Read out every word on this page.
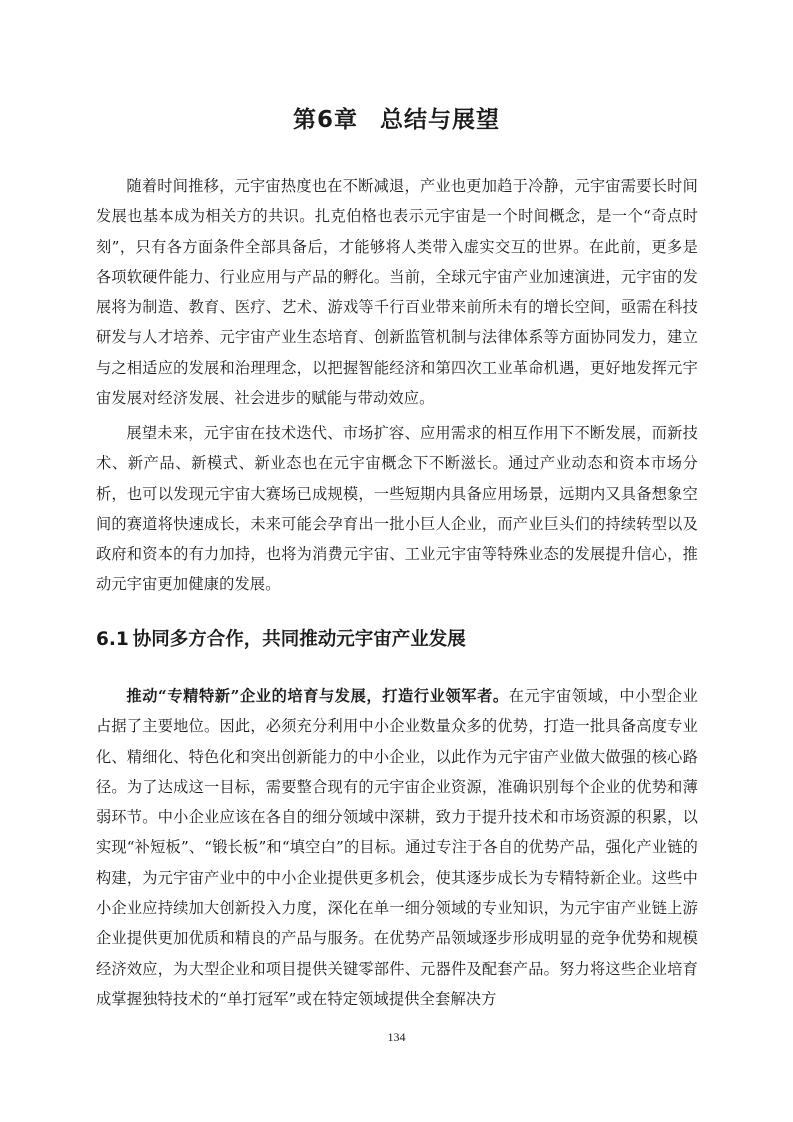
第6章 总结与展望

随着时间推移，元宇宙热度也在不断减退，产业也更加趋于冷静，元宇宙需要长时间发展也基本成为相关方的共识。扎克伯格也表示元宇宙是一个时间概念，是一个“奇点时刻”，只有各方面条件全部具备后，才能够将人类带入虚实交互的世界。在此前，更多是各项软硬件能力、行业应用与产品的孵化。当前，全球元宇宙产业加速演进，元宇宙的发展将为制造、教育、医疗、艺术、游戏等千行百业带来前所未有的增长空间，亟需在科技研发与人才培养、元宇宙产业生态培育、创新监管机制与法律体系等方面协同发力，建立与之相适应的发展和治理理念，以把握智能经济和第四次工业革命机遇，更好地发挥元宇宙发展对经济发展、社会进步的赋能与带动效应。

展望未来，元宇宙在技术迭代、市场扩容、应用需求的相互作用下不断发展，而新技术、新产品、新模式、新业态也在元宇宙概念下不断滋长。通过产业动态和资本市场分析，也可以发现元宇宙大赛场已成规模，一些短期内具备应用场景，远期内又具备想象空间的赛道将快速成长，未来可能会孕育出一批小巨人企业，而产业巨头们的持续转型以及政府和资本的有力加持，也将为消费元宇宙、工业元宇宙等特殊业态的发展提升信心，推动元宇宙更加健康的发展。

6.1 协同多方合作，共同推动元宇宙产业发展

推动“专精特新”企业的培育与发展，打造行业领军者。在元宇宙领域，中小型企业占据了主要地位。因此，必须充分利用中小企业数量众多的优势，打造一批具备高度专业化、精细化、特色化和突出创新能力的中小企业，以此作为元宇宙产业做大做强的核心路径。为了达成这一目标，需要整合现有的元宇宙企业资源，准确识别每个企业的优势和薄弱环节。中小企业应该在各自的细分领域中深耕，致力于提升技术和市场资源的积累，以实现“补短板”、“锻长板”和“填空白”的目标。通过专注于各自的优势产品，强化产业链的构建，为元宇宙产业中的中小企业提供更多机会，使其逐步成长为专精特新企业。这些中小企业应持续加大创新投入力度，深化在单一细分领域的专业知识，为元宇宙产业链上游企业提供更加优质和精良的产品与服务。在优势产品领域逐步形成明显的竞争优势和规模经济效应，为大型企业和项目提供关键零部件、元器件及配套产品。努力将这些企业培育成掌握独特技术的“单打冠军”或在特定领域提供全套解决方

134
